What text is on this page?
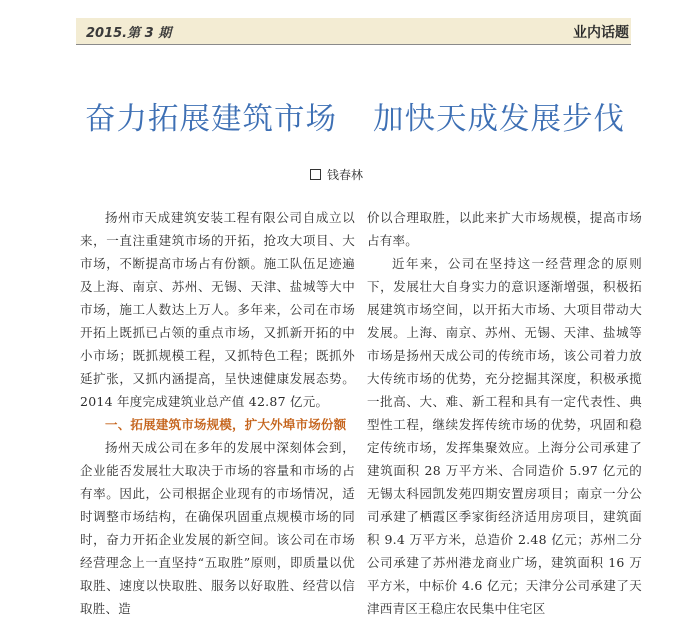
2015.第 3 期	业内话题
奋力拓展建筑市场 加快天成发展步伐
钱春林

扬州市天成建筑安装工程有限公司自成立以来，一直注重建筑市场的开拓，抢攻大项目、大市场，不断提高市场占有份额。施工队伍足迹遍及上海、南京、苏州、无锡、天津、盐城等大中市场，施工人数达上万人。多年来，公司在市场开拓上既抓已占领的重点市场，又抓新开拓的中小市场；既抓规模工程，又抓特色工程；既抓外延扩张，又抓内涵提高，呈快速健康发展态势。2014 年度完成建筑业总产值 42.87 亿元。

一、拓展建筑市场规模，扩大外埠市场份额

扬州天成公司在多年的发展中深刻体会到，企业能否发展壮大取决于市场的容量和市场的占有率。因此，公司根据企业现有的市场情况，适时调整市场结构，在确保巩固重点规模市场的同时，奋力开拓企业发展的新空间。该公司在市场经营理念上一直坚持“五取胜”原则，即质量以优取胜、速度以快取胜、服务以好取胜、经营以信取胜、造

价以合理取胜，以此来扩大市场规模，提高市场占有率。

近年来，公司在坚持这一经营理念的原则下，发展壮大自身实力的意识逐渐增强，积极拓展建筑市场空间，以开拓大市场、大项目带动大发展。上海、南京、苏州、无锡、天津、盐城等市场是扬州天成公司的传统市场，该公司着力放大传统市场的优势，充分挖掘其深度，积极承揽一批高、大、难、新工程和具有一定代表性、典型性工程，继续发挥传统市场的优势，巩固和稳定传统市场，发挥集聚效应。上海分公司承建了建筑面积 28 万平方米、合同造价 5.97 亿元的无锡太科园凯发苑四期安置房项目；南京一分公司承建了栖霞区季家街经济适用房项目，建筑面积 9.4 万平方米，总造价 2.48 亿元；苏州二分公司承建了苏州港龙商业广场，建筑面积 16 万平方米，中标价 4.6 亿元；天津分公司承建了天津西青区王稳庄农民集中住宅区
